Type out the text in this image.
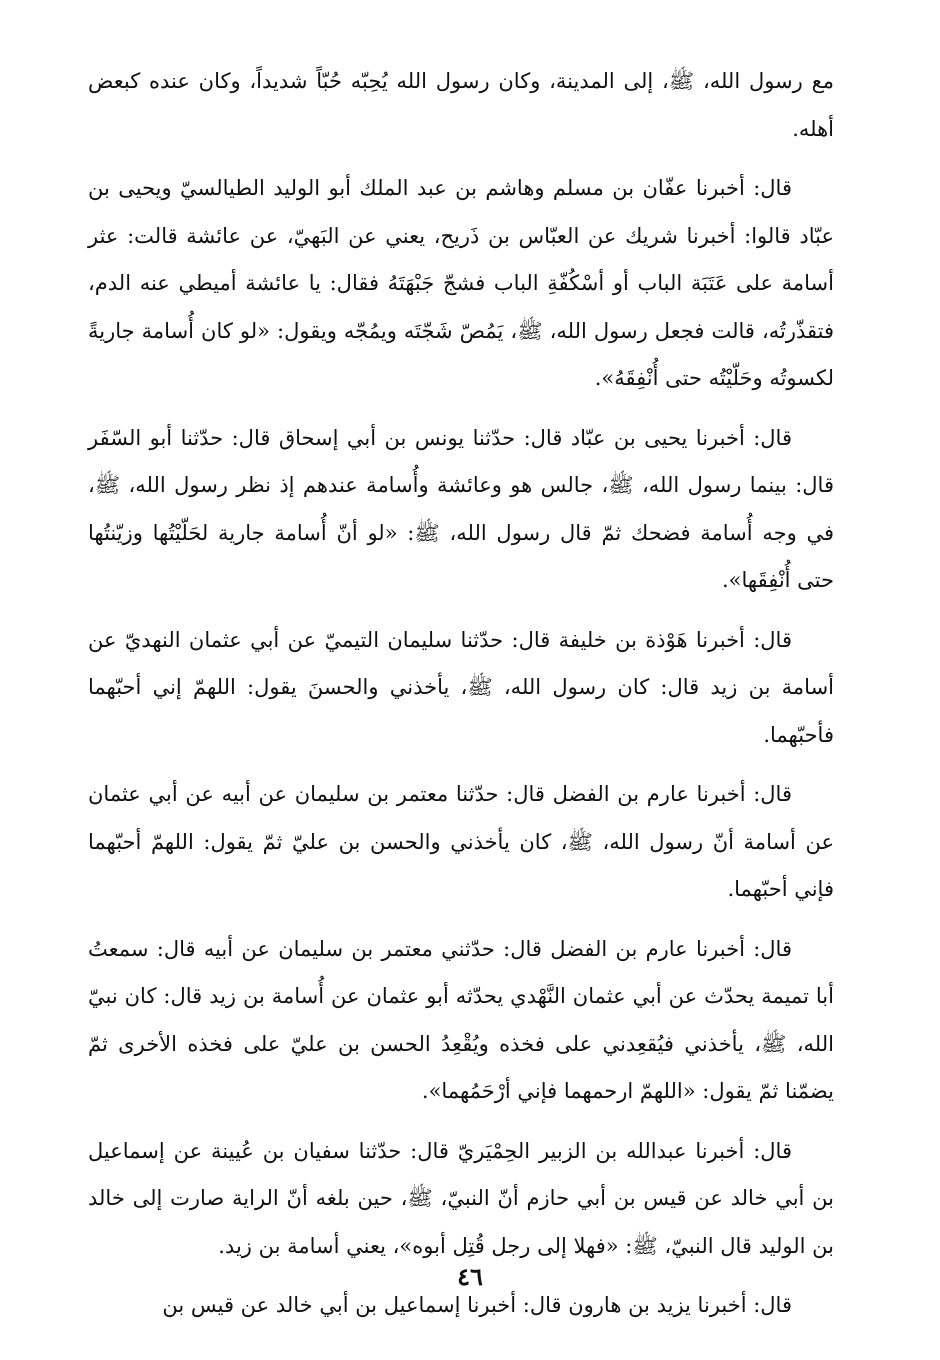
مع رسول الله، ﷺ، إلى المدينة، وكان رسول الله يُحِبّه حُبّاً شديداً، وكان عنده كبعض أهله.

قال: أخبرنا عفّان بن مسلم وهاشم بن عبد الملك أبو الوليد الطيالسيّ ويحيى بن عبّاد قالوا: أخبرنا شريك عن العبّاس بن ذَريح، يعني عن البَهيّ، عن عائشة قالت: عثر أسامة على عَتَبَة الباب أو أسْكُفّةِ الباب فشجّ جَبْهَتَهُ فقال: يا عائشة أميطي عنه الدم، فتقذّرتُه، قالت فجعل رسول الله، ﷺ، يَمُصّ شَجّتَه ويمُجّه ويقول: «لو كان أُسامة جاريةً لكسوتُه وحَلّيْتُه حتى أُنْفِقَهُ».

قال: أخبرنا يحيى بن عبّاد قال: حدّثنا يونس بن أبي إسحاق قال: حدّثنا أبو السّفَر قال: بينما رسول الله، ﷺ، جالس هو وعائشة وأُسامة عندهم إذ نظر رسول الله، ﷺ، في وجه أُسامة فضحك ثمّ قال رسول الله، ﷺ: «لو أنّ أُسامة جارية لحَلّيْتُها وزيّنتُها حتى أُنْفِقَها».

قال: أخبرنا هَوْذة بن خليفة قال: حدّثنا سليمان التيميّ عن أبي عثمان النهديّ عن أسامة بن زيد قال: كان رسول الله، ﷺ، يأخذني والحسنَ يقول: اللهمّ إني أحبّهما فأحبّهما.

قال: أخبرنا عارم بن الفضل قال: حدّثنا معتمر بن سليمان عن أبيه عن أبي عثمان عن أسامة أنّ رسول الله، ﷺ، كان يأخذني والحسن بن عليّ ثمّ يقول: اللهمّ أحبّهما فإني أحبّهما.

قال: أخبرنا عارم بن الفضل قال: حدّثني معتمر بن سليمان عن أبيه قال: سمعتُ أبا تميمة يحدّث عن أبي عثمان النَّهْدي يحدّثه أبو عثمان عن أُسامة بن زيد قال: كان نبيّ الله، ﷺ، يأخذني فيُقعِدني على فخذه ويُقْعِدُ الحسن بن عليّ على فخذه الأخرى ثمّ يضمّنا ثمّ يقول: «اللهمّ ارحمهما فإني أرْحَمُهما».

قال: أخبرنا عبدالله بن الزبير الحِمْيَريّ قال: حدّثنا سفيان بن عُيينة عن إسماعيل بن أبي خالد عن قيس بن أبي حازم أنّ النبيّ، ﷺ، حين بلغه أنّ الراية صارت إلى خالد بن الوليد قال النبيّ، ﷺ: «فهلا إلى رجل قُتِل أبوه»، يعني أسامة بن زيد.

قال: أخبرنا يزيد بن هارون قال: أخبرنا إسماعيل بن أبي خالد عن قيس بن

٤٦
